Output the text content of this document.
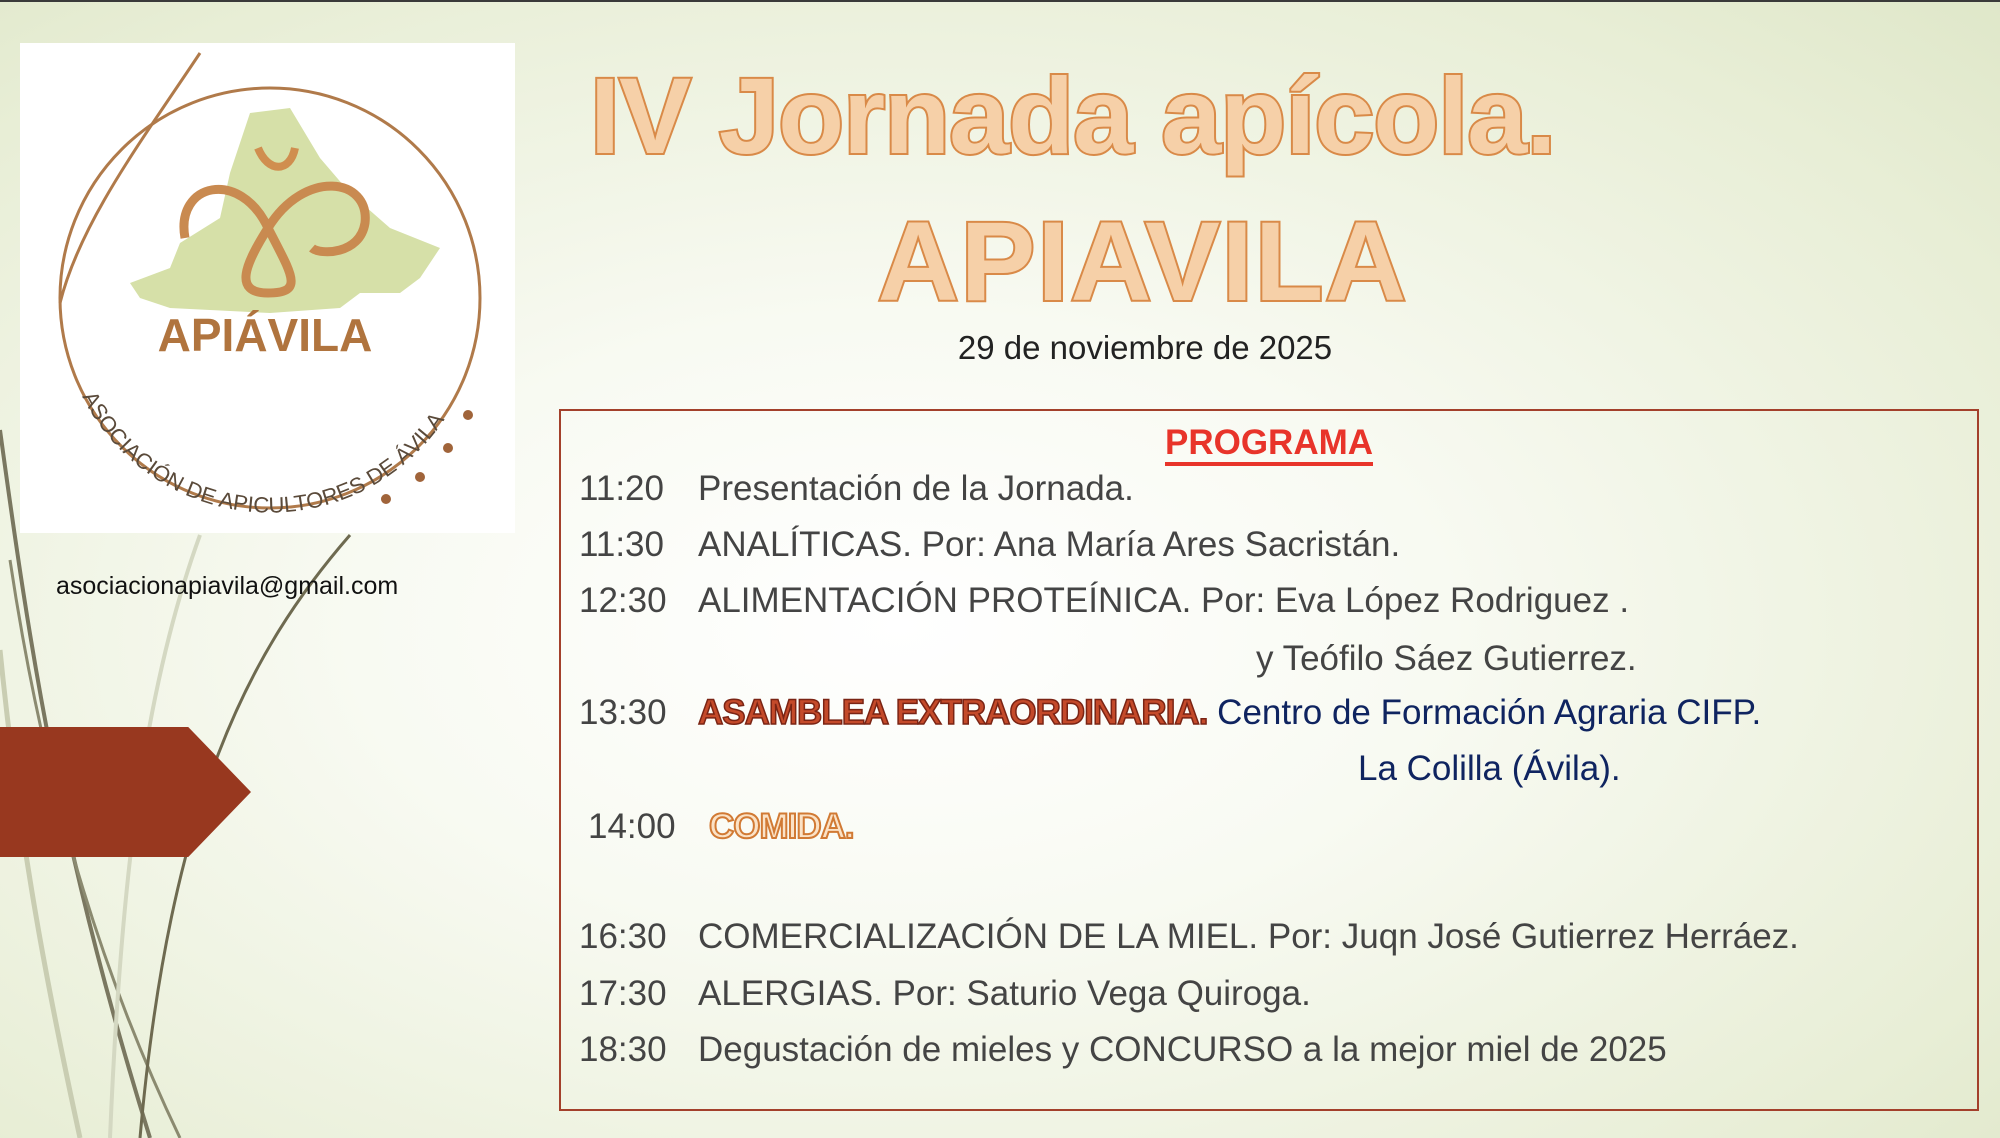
APIÁVILA
ASOCIACIÓN DE APICULTORES DE ÁVILA
asociacionapiavila@gmail.com
IV Jornada apícola.
APIAVILA
29 de noviembre de 2025
PROGRAMA
11:20 Presentación de la Jornada.
11:30 ANALÍTICAS. Por: Ana María Ares Sacristán.
12:30 ALIMENTACIÓN PROTEÍNICA. Por: Eva López Rodriguez .
y Teófilo Sáez Gutierrez.
13:30 ASAMBLEA EXTRAORDINARIA. Centro de Formación Agraria CIFP.
La Colilla (Ávila).
14:00 COMIDA.
16:30 COMERCIALIZACIÓN DE LA MIEL. Por: Juqn José Gutierrez Herráez.
17:30 ALERGIAS. Por: Saturio Vega Quiroga.
18:30 Degustación de mieles y CONCURSO a la mejor miel de 2025
